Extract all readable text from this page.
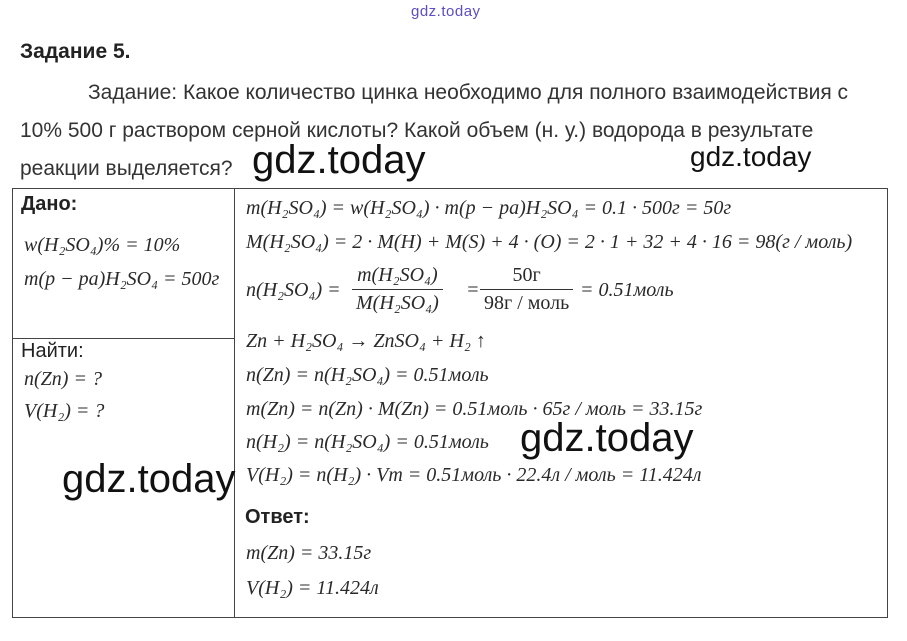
gdz.today
Задание 5.
Задание: Какое количество цинка необходимо для полного взаимодействия с 10% 500 г раствором серной кислоты? Какой объем (н. у.) водорода в результате реакции выделяется?
Дано:
w(H₂SO₄)% = 10%
m(p − pa)H₂SO₄ = 500г
Найти:
n(Zn) = ?
V(H₂) = ?
m(H₂SO₄) = w(H₂SO₄) · m(p − pa)H₂SO₄ = 0.1 · 500г = 50г
M(H₂SO₄) = 2 · M(H) + M(S) + 4 · (O) = 2 · 1 + 32 + 4 · 16 = 98(г / моль)
$n(H_2SO_4) = \frac{\text{m(H₂SO₄)}}{\text{M(H₂SO₄)}}$ =
50г
98г / моль
= 0.51моль
Zn + H₂SO₄ → ZnSO₄ + H₂ ↑
n(Zn) = n(H₂SO₄) = 0.51моль
m(Zn) = n(Zn) · M(Zn) = 0.51моль · 65г / моль = 33.15г
n(H₂) = n(H₂SO₄) = 0.51моль
V(H₂) = n(H₂) · Vm = 0.51моль · 22.4л / моль = 11.424л
Ответ:
m(Zn) = 33.15г
V(H₂) = 11.424л
gdz.today	gdz.today
gdz.today
gdz.today
